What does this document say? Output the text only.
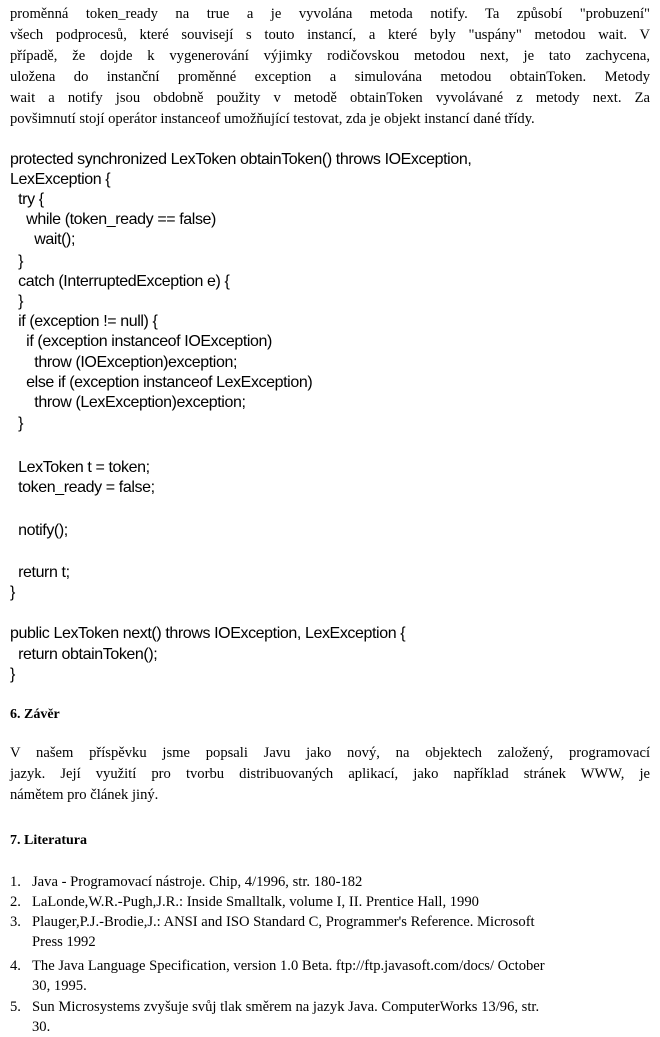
proměnná token_ready na true a je vyvolána metoda notify. Ta způsobí "probuzení"
všech podprocesů, které souvisejí s touto instancí, a které byly "uspány" metodou wait. V
případě, že dojde k vygenerování výjimky rodičovskou metodou next, je tato zachycena,
uložena do instanční proměnné exception a simulována metodou obtainToken. Metody
wait a notify jsou obdobně použity v metodě obtainToken vyvolávané z metody next. Za
povšimnutí stojí operátor instanceof umožňující testovat, zda je objekt instancí dané třídy.
protected synchronized LexToken obtainToken() throws IOException,
LexException {
try {
while (token_ready == false)
wait();
}
catch (InterruptedException e) {
}
if (exception != null) {
if (exception instanceof IOException)
throw (IOException)exception;
else if (exception instanceof LexException)
throw (LexException)exception;
}
LexToken t = token;
token_ready = false;
notify();
return t;
}
public LexToken next() throws IOException, LexException {
return obtainToken();
}
6. Závěr
V našem příspěvku jsme popsali Javu jako nový, na objektech založený, programovací
jazyk. Její využití pro tvorbu distribuovaných aplikací, jako například stránek WWW, je
námětem pro článek jiný.
7. Literatura
1. Java - Programovací nástroje. Chip, 4/1996, str. 180-182
2. LaLonde,W.R.-Pugh,J.R.: Inside Smalltalk, volume I, II. Prentice Hall, 1990
3. Plauger,P.J.-Brodie,J.: ANSI and ISO Standard C, Programmer's Reference. Microsoft
Press 1992
4. The Java Language Specification, version 1.0 Beta. ftp://ftp.javasoft.com/docs/ October
30, 1995.
5. Sun Microsystems zvyšuje svůj tlak směrem na jazyk Java. ComputerWorks 13/96, str.
30.
